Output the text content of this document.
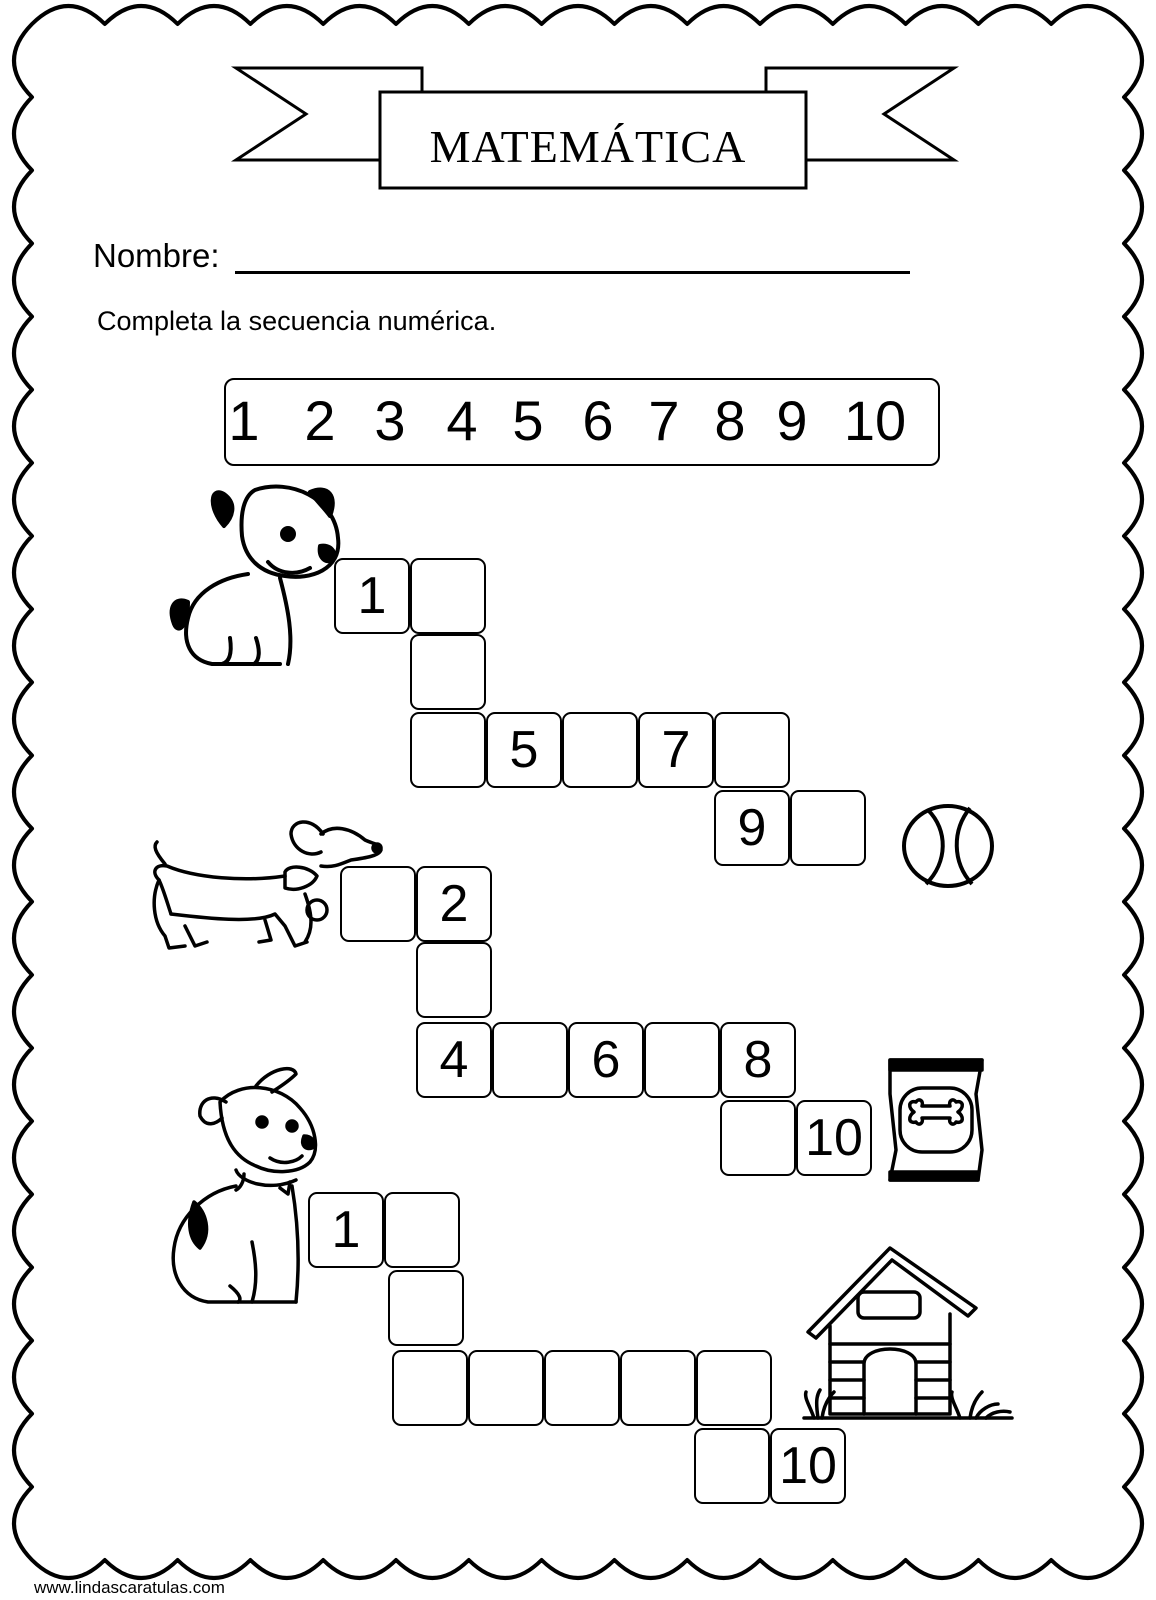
MATEMÁTICA
Nombre:
Completa la secuencia numérica.
1 2 3 4 5 6 7 8 9 10
1
5	7
9
2
4	6	8
10
1
10
www.lindascaratulas.com
